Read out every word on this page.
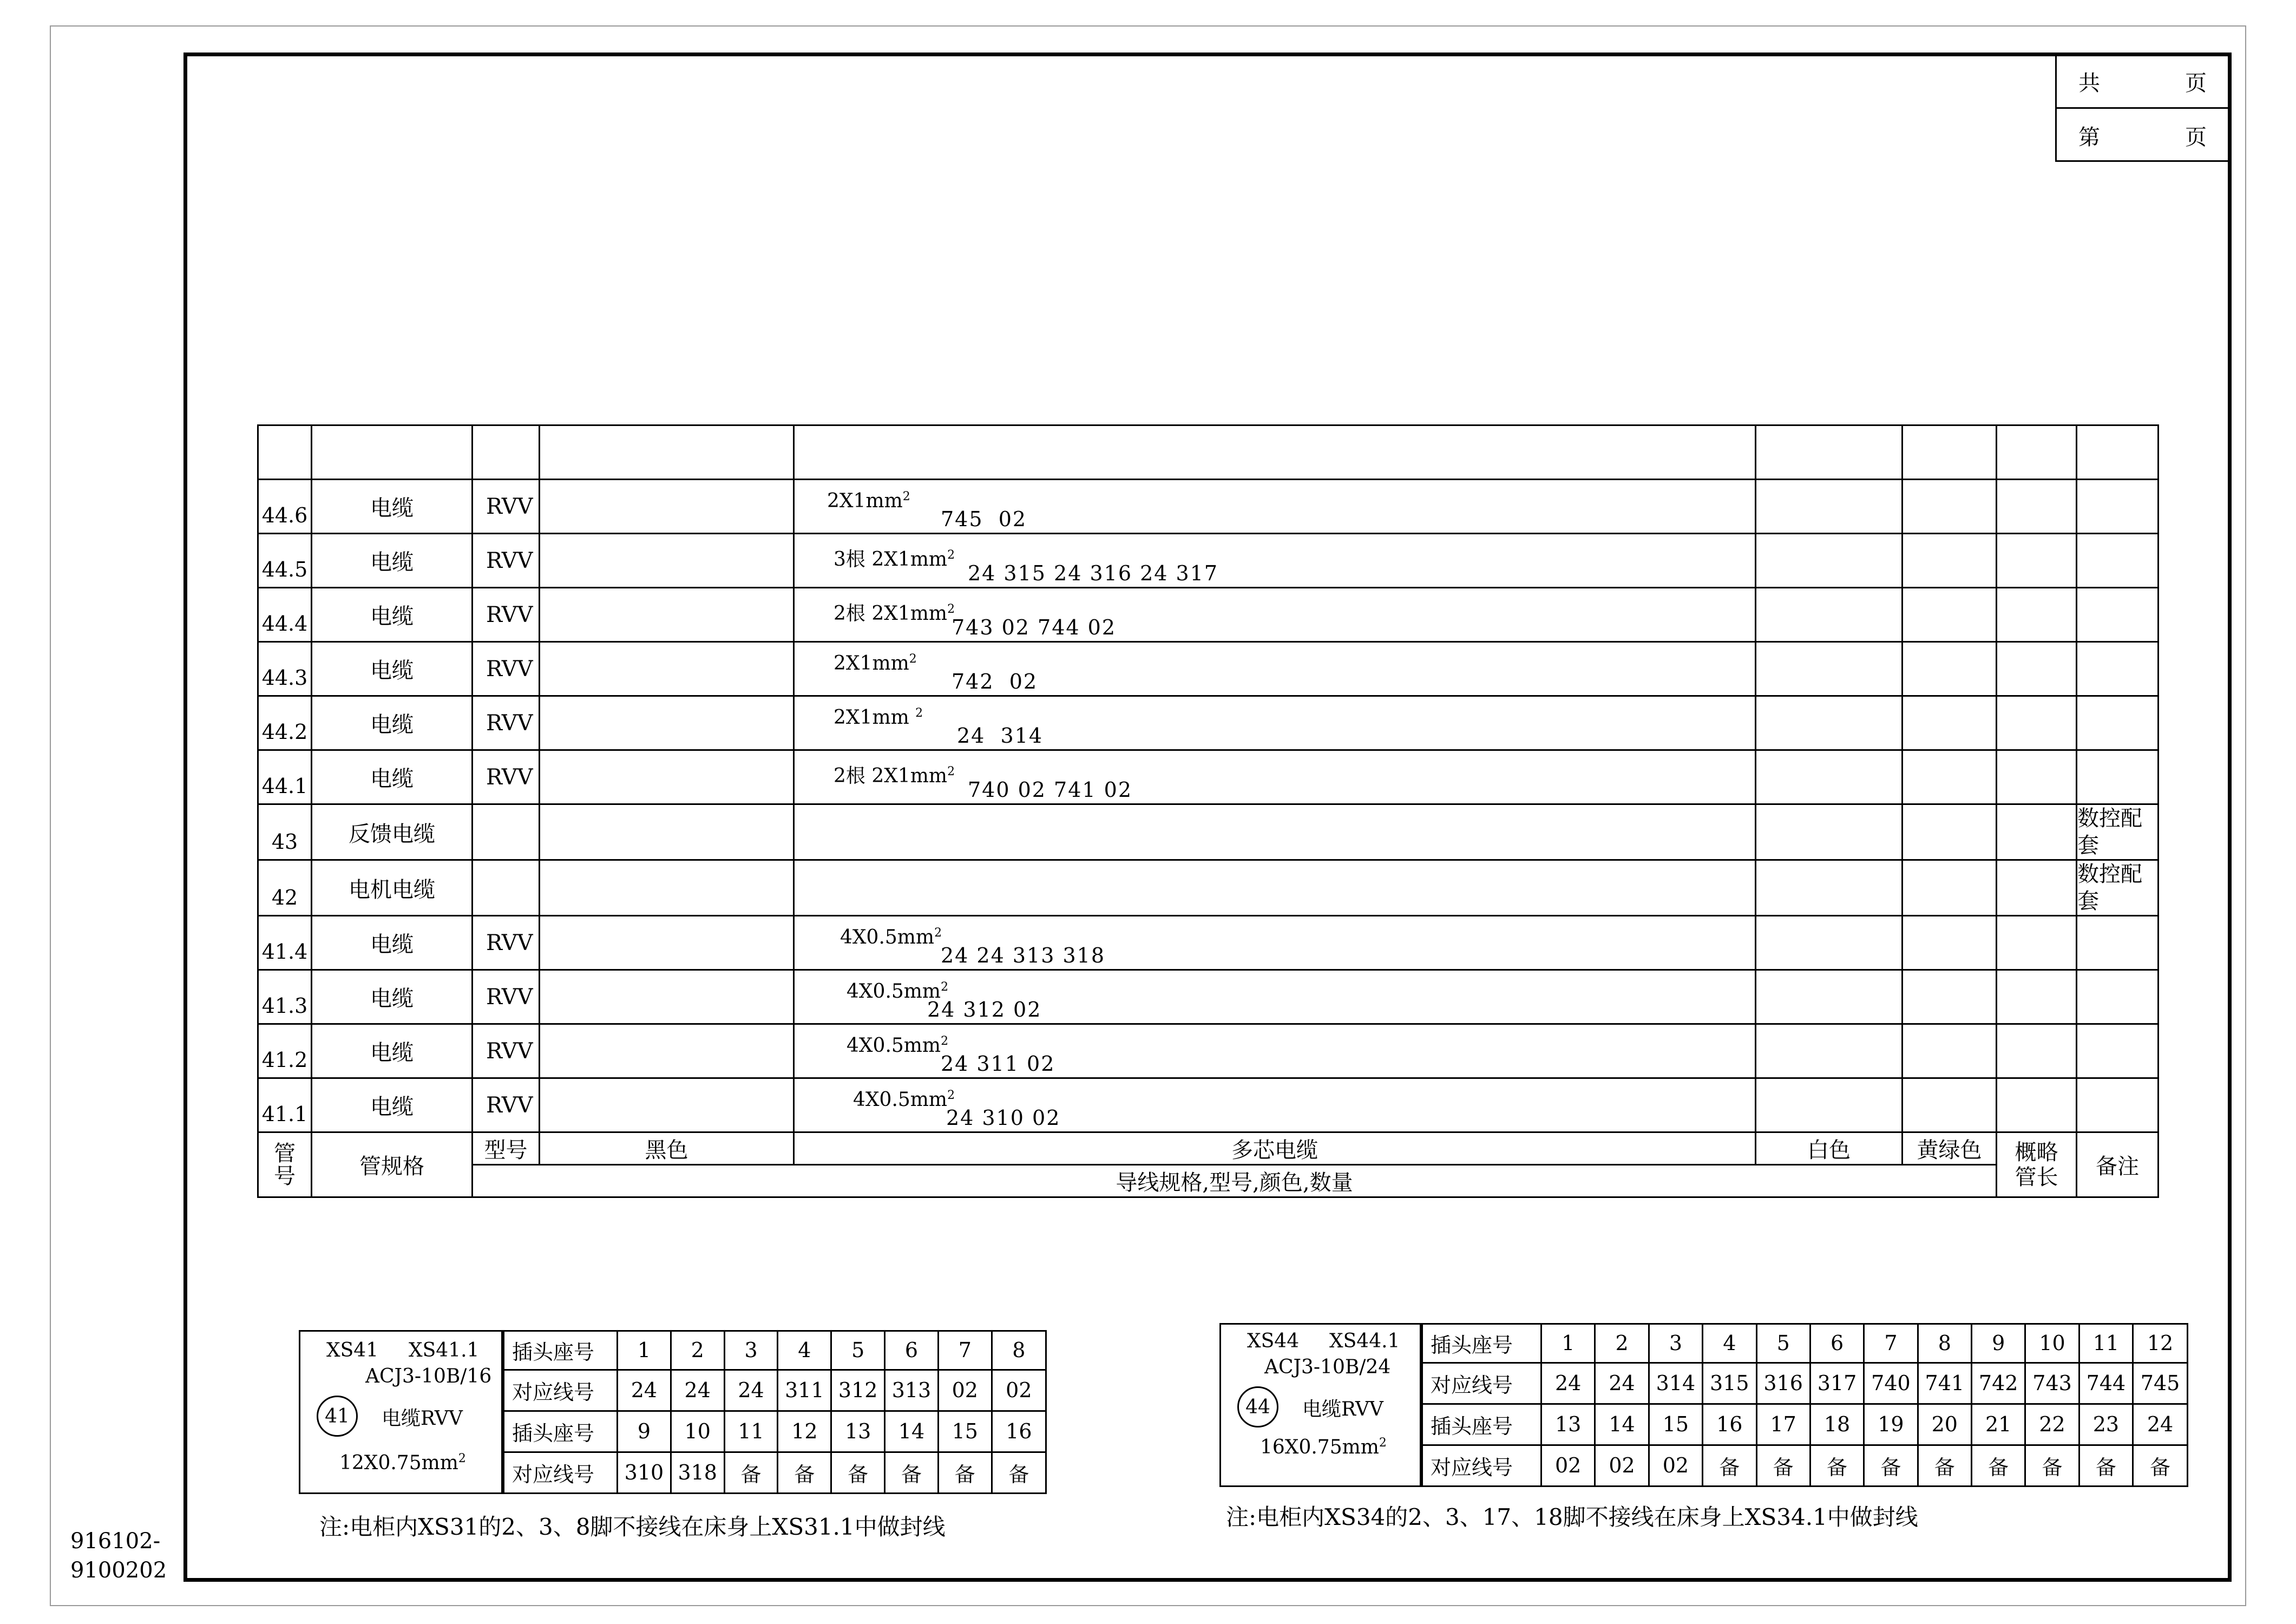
共	页
第	页

44.6	电缆	RVV		$2X1mm^2$
745  02				

44.5	电缆	RVV		3根 $2X1mm^2$
24 315 24 316 24 317				

44.4	电缆	RVV		2根 $2X1mm^2$
743 02 744 02				

44.3	电缆	RVV		$2X1mm^2$
742  02				

44.2	电缆	RVV		2X1mm $^2$
24  314				

44.1	电缆	RVV		2根 $2X1mm^2$
740 02 741 02				

43	反馈电缆							数控配套
42	电机电缆							数控配套
41.4	电缆	RVV		$4X0.5mm^2$
24 24 313 318				

41.3	电缆	RVV		$4X0.5mm^2$
24 312 02				

41.2	电缆	RVV		$4X0.5mm^2$
24 311 02				

41.1	电缆	RVV		$4X0.5mm^2$
24 310 02				

管号	管规格	型号	黑色	多芯电缆	白色	黄绿色	概略管长	备注
		导线规格,型号,颜色,数量						
XS41 XS41.1
ACJ3-10B/16
41	电缆RVV
$12X0.75mm^2$
插头座号	1	2	3	4	5	6	7	8
对应线号	24	24	24	311	312	313	02	02
插头座号	9	10	11	12	13	14	15	16
对应线号	310	318	备	备	备	备	备	备
注:电柜内XS31的2、3、8脚不接线在床身上XS31.1中做封线
XS44 XS44.1
ACJ3-10B/24
44	电缆RVV
$16X0.75mm^2$
插头座号	1	2	3	4	5	6	7	8	9	10	11	12
对应线号	24	24	314	315	316	317	740	741	742	743	744	745
插头座号	13	14	15	16	17	18	19	20	21	22	23	24
对应线号	02	02	02	备	备	备	备	备	备	备	备	备
注:电柜内XS34的2、3、17、18脚不接线在床身上XS34.1中做封线
916102-
9100202
